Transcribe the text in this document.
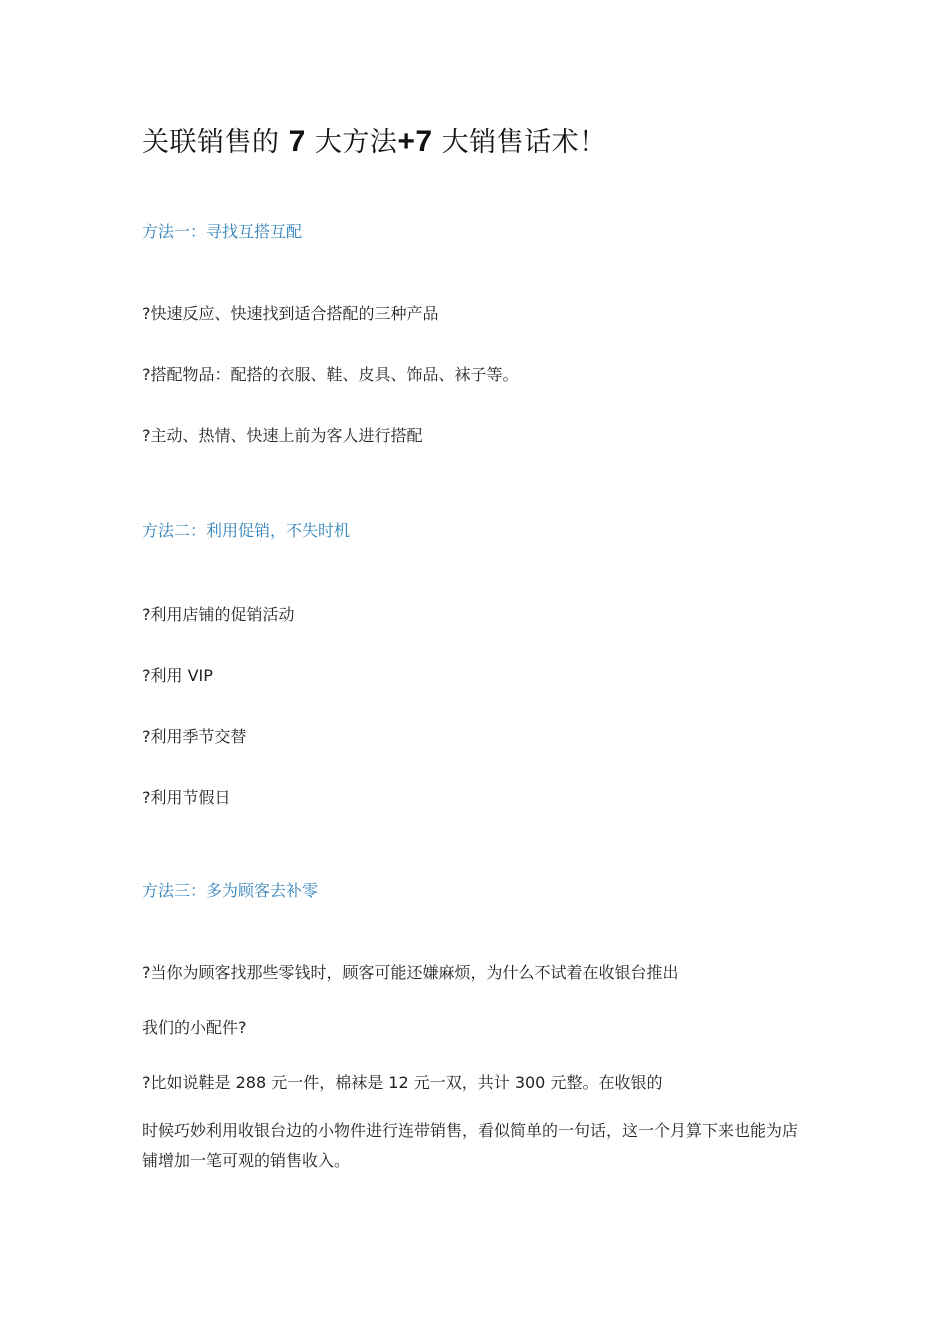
关联销售的 7 大方法+7 大销售话术！
方法一：寻找互搭互配
?快速反应、快速找到适合搭配的三种产品
?搭配物品：配搭的衣服、鞋、皮具、饰品、袜子等。
?主动、热情、快速上前为客人进行搭配
方法二：利用促销，不失时机
?利用店铺的促销活动
?利用 VIP
?利用季节交替
?利用节假日
方法三：多为顾客去补零
?当你为顾客找那些零钱时，顾客可能还嫌麻烦，为什么不试着在收银台推出
我们的小配件?
?比如说鞋是 288 元一件，棉袜是 12 元一双，共计 300 元整。在收银的
时候巧妙利用收银台边的小物件进行连带销售，看似简单的一句话，这一个月算下来也能为店铺增加一笔可观的销售收入。
